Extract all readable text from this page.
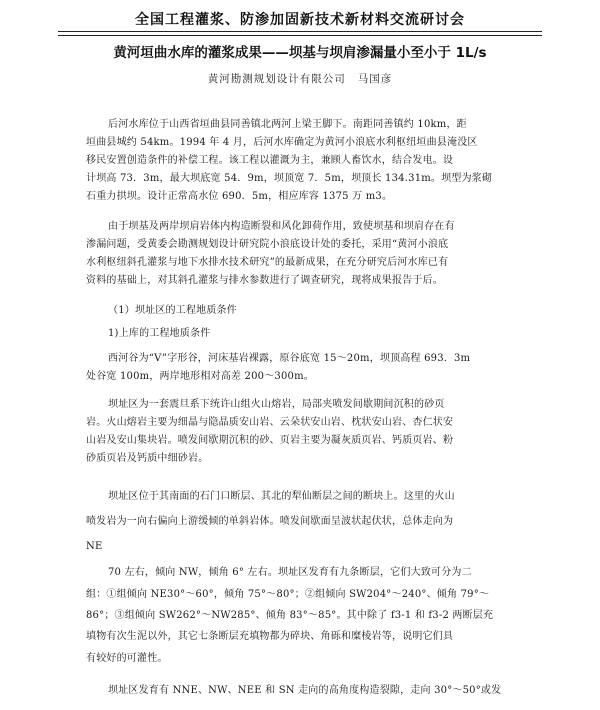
全国工程灌浆、防渗加固新技术新材料交流研讨会
黄河垣曲水库的灌浆成果——坝基与坝肩渗漏量小至小于 1L/s
黄河勘测规划设计有限公司 马国彦
后河水库位于山西省垣曲县同善镇北两河上梁王脚下。南距同善镇约 10km，距
垣曲县城约 54km。1994 年 4 月，后河水库确定为黄河小浪底水利枢纽垣曲县淹没区
移民安置创造条件的补偿工程。该工程以灌溉为主，兼顾人畜饮水，结合发电。设
计坝高 73．3m，最大坝底宽 54．9m，坝顶宽 7．5m，坝顶长 134.31m。坝型为浆砌
石重力拱坝。设计正常高水位 690．5m，相应库容 1375 万 m3。
由于坝基及两岸坝肩岩体内构造断裂和风化卸荷作用，致使坝基和坝肩存在有
渗漏问题，受黄委会勘测规划设计研究院小浪底设计处的委托，采用“黄河小浪底
水利枢纽斜孔灌浆与地下水排水技术研究”的最新成果，在充分研究后河水库已有
资料的基础上，对其斜孔灌浆与排水参数进行了调查研究，现将成果报告于后。
（1）坝址区的工程地质条件
1)上库的工程地质条件
西河谷为“V”字形谷，河床基岩裸露，原谷底宽 15～20m，坝顶高程 693．3m
处谷宽 100m，两岸地形相对高差 200～300m。
坝址区为一套震旦系下统许山组火山熔岩，局部夹喷发间歇期间沉积的砂页
岩。火山熔岩主要为细晶与隐晶质安山岩、云朵状安山岩、枕状安山岩、杏仁状安
山岩及安山集块岩。喷发间歇期沉积的砂、页岩主要为凝灰质页岩、钙质页岩、粉
砂质页岩及钙质中细砂岩。
坝址区位于其南面的石门口断层、其北的犁仙断层之间的断块上。这里的火山
喷发岩为一向右偏向上游缓倾的单斜岩体。喷发间歇面呈波状起伏状，总体走向为
NE
70 左右，倾向 NW，倾角 6° 左右。坝址区发育有九条断层，它们大致可分为二
组：①组倾向 NE30°～60°，倾角 75°～80°；②组倾向 SW204°～240°、倾角 79°～
86°；③组倾向 SW262°～NW285°、倾角 83°～85°。其中除了 f3-1 和 f3-2 两断层充
填物有次生泥以外，其它七条断层充填物都为碎块、角砾和糜棱岩等，说明它们具
有较好的可灌性。
坝址区发育有 NNE、NW、NEE 和 SN 走向的高角度构造裂隙，走向 30°～50°或发
